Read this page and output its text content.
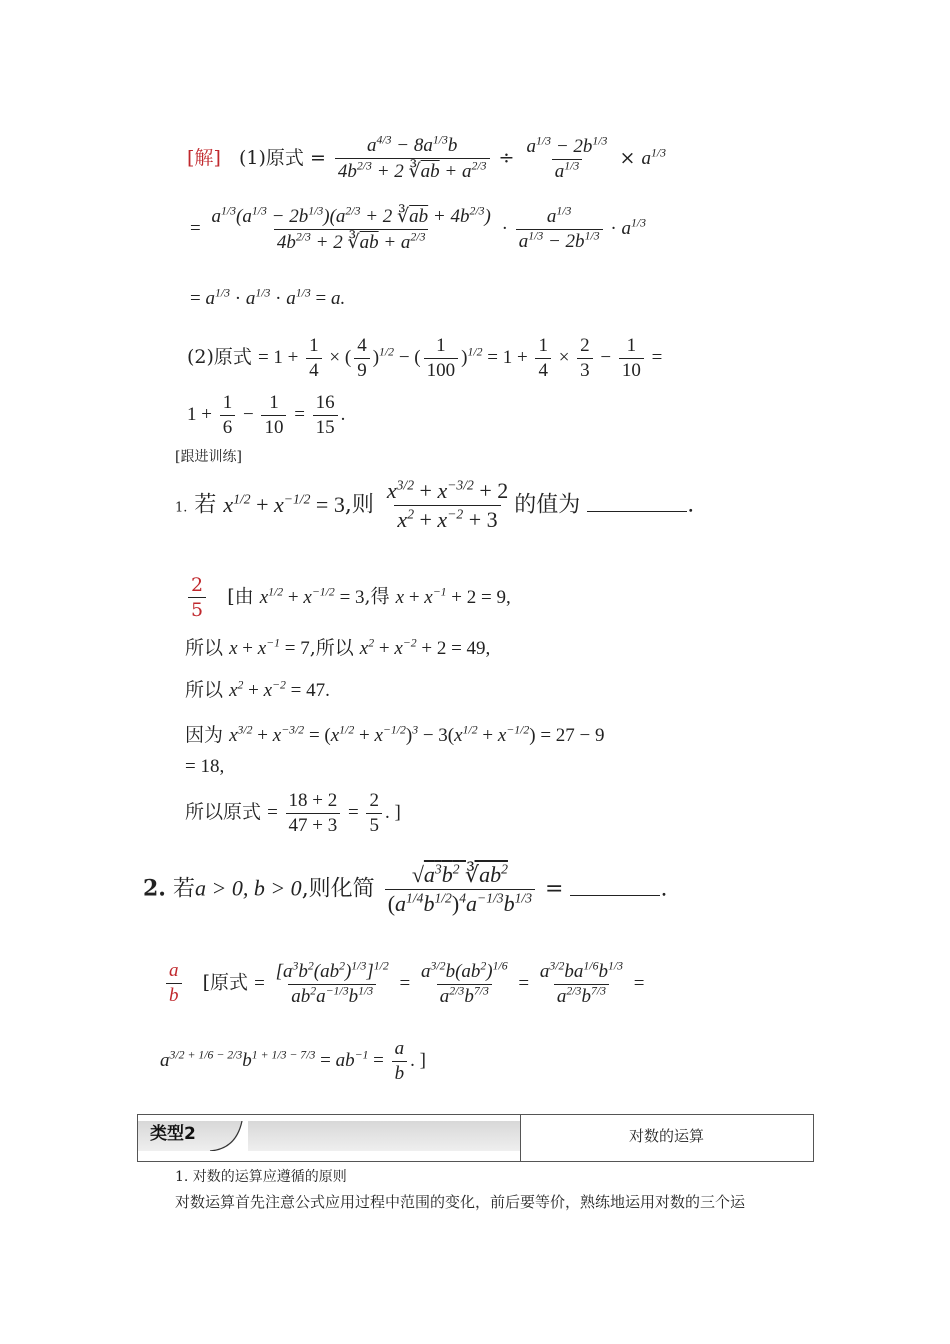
[解] (1)原式 = $\frac{a^{4/3} - 8a^{1/3}b}{4b^{2/3} + 2 ∛\overline{ab} + a^{2/3}} \div \frac{a^{1/3} - 2b^{1/3}}{a^{1/3}} \times a^{1/3}$
= $\frac{a^{1/3}(a^{1/3} - 2b^{1/3})(a^{2/3} + 2 ∛\overline{ab} + 4b^{2/3})}{4b^{2/3} + 2 ∛\overline{ab} + a^{2/3}} \cdot \frac{a^{1/3}}{a^{1/3} - 2b^{1/3}} \cdot a^{1/3}$
= $a^{1/3} \cdot a^{1/3} \cdot a^{1/3} = a$.
(2)原式 = $1 + \frac{1}{4}$ × ( $\frac{4}{9} )^{1/2}$ − ( $\frac{1}{100} )^{1/2} = 1 + \frac{1}{4} \times \frac{2}{3} - \frac{1}{10}$ =
$1 + \frac{1}{6} - \frac{1}{10} = \frac{16}{15}$ .
[跟进训练]
1. 若 $x^{1/2} + x^{-1/2} = 3$,则 $\frac{x^{3/2} + x^{-3/2} + 2}{x^2 + x^{-2} + 3}$ 的值为	.
$\frac{2}{5}$ [由 $x^{1/2} + x^{-1/2} = 3$,得 $x + x^{-1} + 2 = 9$,
所以 $x + x^{-1} = 7$,所以 $x^2 + x^{-2} + 2 = 49$,
所以 $x^2 + x^{-2} = 47$.
因为 $x^{3/2} + x^{-3/2} = (x^{1/2} + x^{-1/2})^3 - 3(x^{1/2} + x^{-1/2}) = 27 - 9$
= 18,
所以原式 = $\frac{18 + 2}{47 + 3} = \frac{2}{5}$ . ]
2. 若a > 0, b > 0,则化简 $\frac{√a^3b^2 ∛ab^2}{(a^{1/4}b^{1/2})^4a^{-1/3}b^{1/3}}$ =	.
$\frac{a}{b}$ [原式 = $\frac{[a^3b^2(ab^2)^{1/3}]^{1/2}}{ab^2a^{-1/3}b^{1/3}} = \frac{a^{3/2}b(ab^2)^{1/6}}{a^{2/3}b^{7/3}} = \frac{a^{3/2}ba^{1/6}b^{1/3}}{a^{2/3}b^{7/3}}$ =
$a^{3/2 + 1/6 - 2/3}b^{1 + 1/3 - 7/3} = ab^{-1} = \frac{a}{b}$ . ]
类型2	对数的运算
1. 对数的运算应遵循的原则
对数运算首先注意公式应用过程中范围的变化，前后要等价，熟练地运用对数的三个运
